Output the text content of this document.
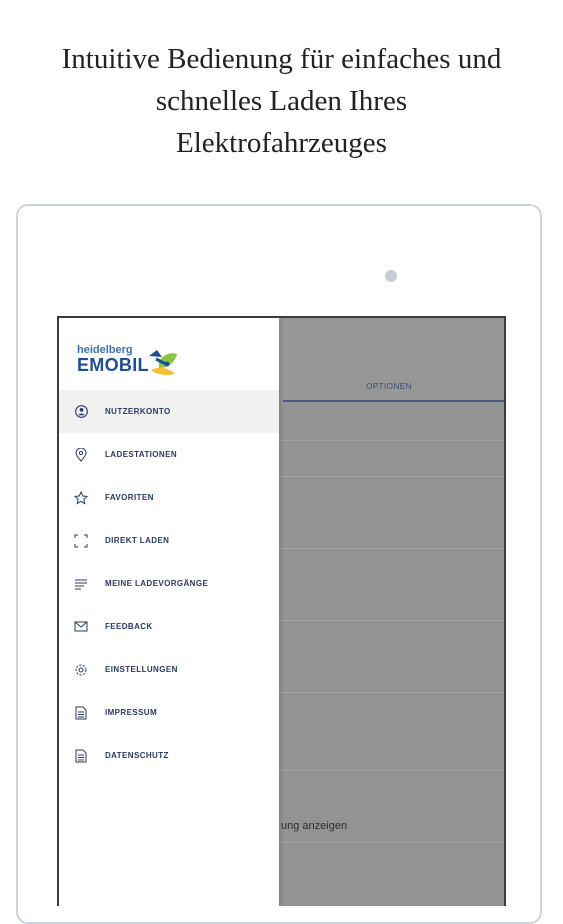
Intuitive Bedienung für einfaches und
schnelles Laden Ihres
Elektrofahrzeuges
OPTIONEN
ung anzeigen
heidelberg
EMOBIL
NUTZERKONTO
LADESTATIONEN
FAVORITEN
DIREKT LADEN
MEINE LADEVORGÄNGE
FEEDBACK
EINSTELLUNGEN
IMPRESSUM
DATENSCHUTZ
